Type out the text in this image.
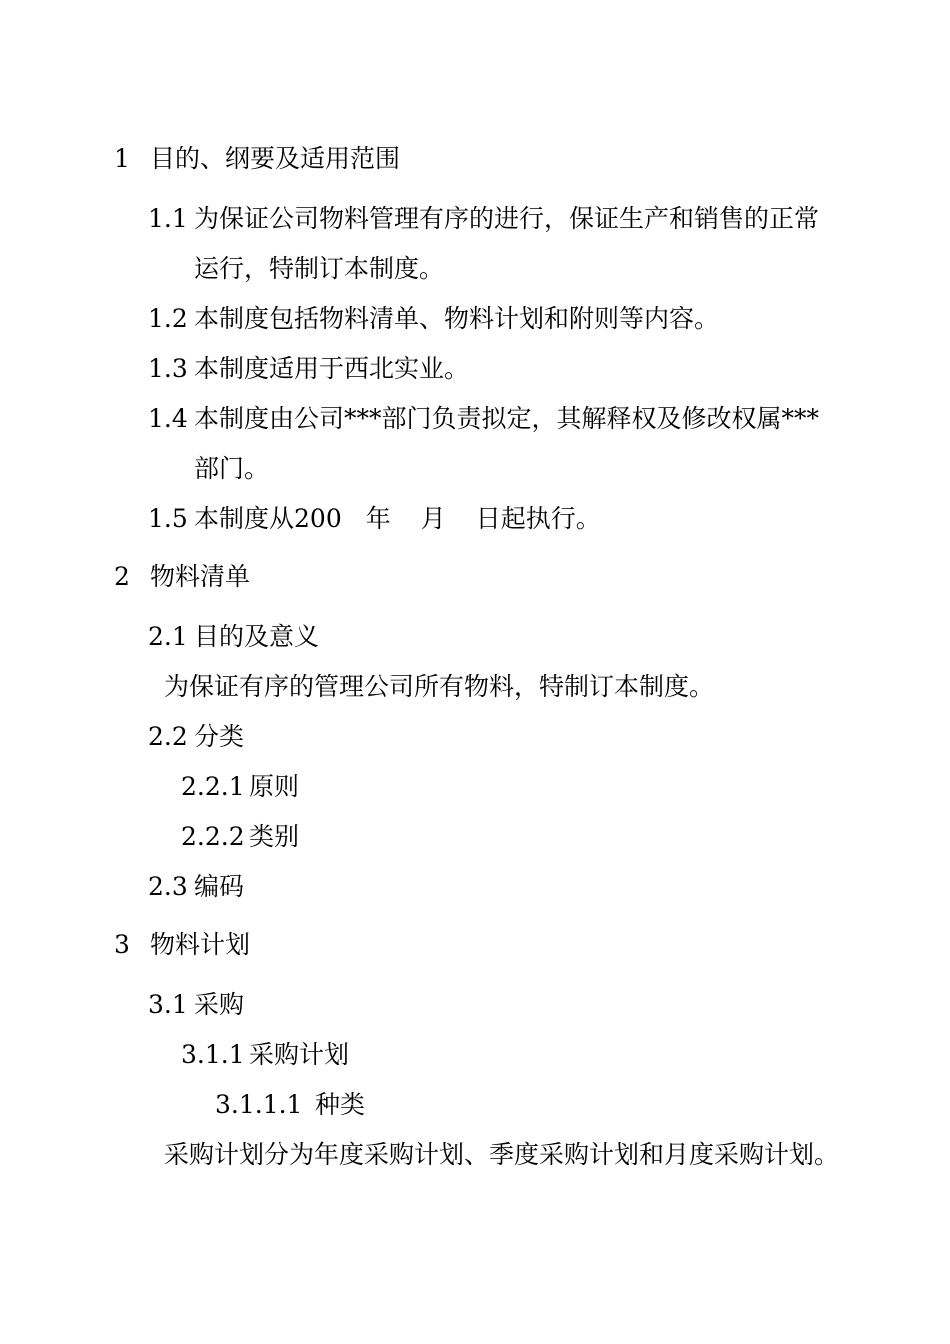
1 目的、纲要及适用范围
1.1 为保证公司物料管理有序的进行，保证生产和销售的正常
运行，特制订本制度。
1.2 本制度包括物料清单、物料计划和附则等内容。
1.3 本制度适用于西北实业。
1.4 本制度由公司***部门负责拟定，其解释权及修改权属***
部门。
1.5 本制度从200 年 月 日起执行。
2 物料清单
2.1 目的及意义
为保证有序的管理公司所有物料，特制订本制度。
2.2 分类
2.2.1 原则
2.2.2 类别
2.3 编码
3 物料计划
3.1 采购
3.1.1 采购计划
3.1.1.1 种类
采购计划分为年度采购计划、季度采购计划和月度采购计划。
